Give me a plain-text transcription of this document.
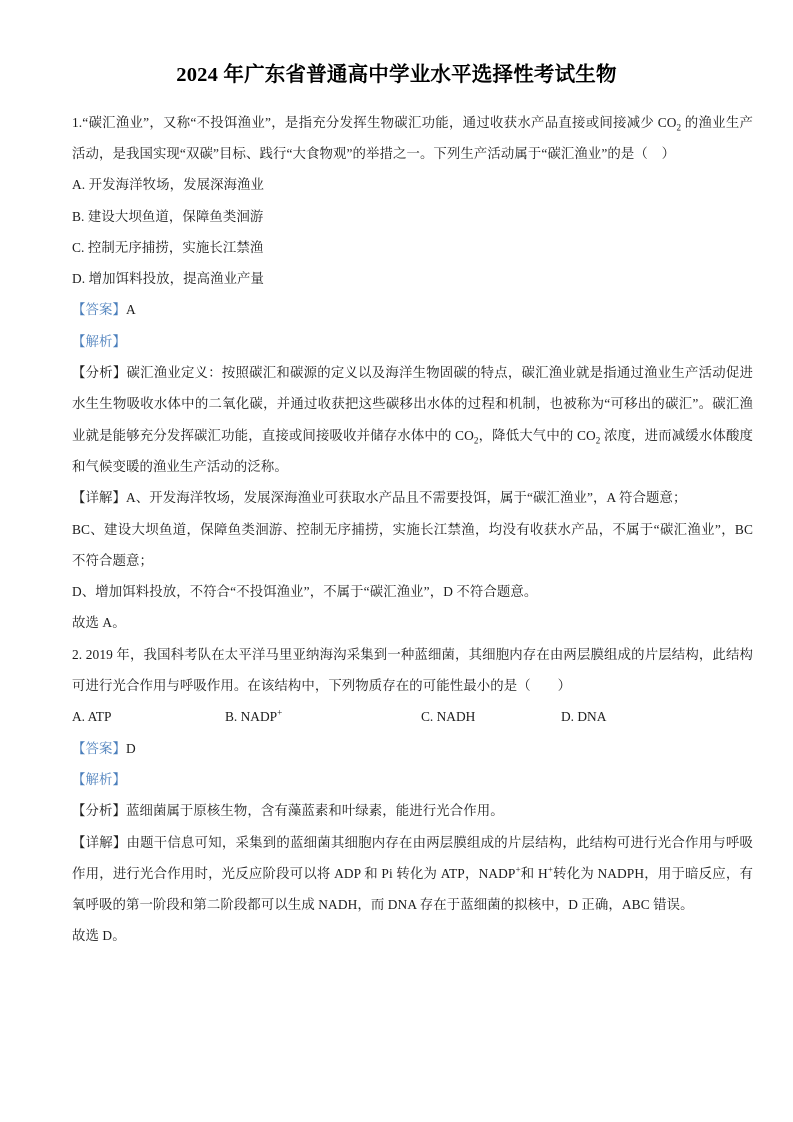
2024 年广东省普通高中学业水平选择性考试生物

1.“碳汇渔业”，又称“不投饵渔业”，是指充分发挥生物碳汇功能，通过收获水产品直接或间接减少 $CO_2$ 的渔业生产活动，是我国实现“双碳”目标、践行“大食物观”的举措之一。下列生产活动属于“碳汇渔业”的是（    ）

A. 开发海洋牧场，发展深海渔业

B. 建设大坝鱼道，保障鱼类洄游

C. 控制无序捕捞，实施长江禁渔

D. 增加饵料投放，提高渔业产量

【答案】A

【解析】

【分析】碳汇渔业定义：按照碳汇和碳源的定义以及海洋生物固碳的特点，碳汇渔业就是指通过渔业生产活动促进水生生物吸收水体中的二氧化碳，并通过收获把这些碳移出水体的过程和机制，也被称为“可移出的碳汇”。碳汇渔业就是能够充分发挥碳汇功能，直接或间接吸收并储存水体中的 $CO_2$，降低大气中的 $CO_2$ 浓度，进而减缓水体酸度和气候变暖的渔业生产活动的泛称。

【详解】A、开发海洋牧场，发展深海渔业可获取水产品且不需要投饵，属于“碳汇渔业”，A 符合题意；

BC、建设大坝鱼道，保障鱼类洄游、控制无序捕捞，实施长江禁渔，均没有收获水产品，不属于“碳汇渔业”，BC 不符合题意；

D、增加饵料投放，不符合“不投饵渔业”，不属于“碳汇渔业”，D 不符合题意。

故选 A。

2. 2019 年，我国科考队在太平洋马里亚纳海沟采集到一种蓝细菌，其细胞内存在由两层膜组成的片层结构，此结构可进行光合作用与呼吸作用。在该结构中，下列物质存在的可能性最小的是（　　）

A. ATP	B. NADP+	C. NADH	D. DNA

【答案】D

【解析】

【分析】蓝细菌属于原核生物，含有藻蓝素和叶绿素，能进行光合作用。

【详解】由题干信息可知，采集到的蓝细菌其细胞内存在由两层膜组成的片层结构，此结构可进行光合作用与呼吸作用，进行光合作用时，光反应阶段可以将 ADP 和 Pi 转化为 ATP，NADP+和 H+转化为 NADPH，用于暗反应，有氧呼吸的第一阶段和第二阶段都可以生成 NADH，而 DNA 存在于蓝细菌的拟核中，D 正确，ABC 错误。

故选 D。
